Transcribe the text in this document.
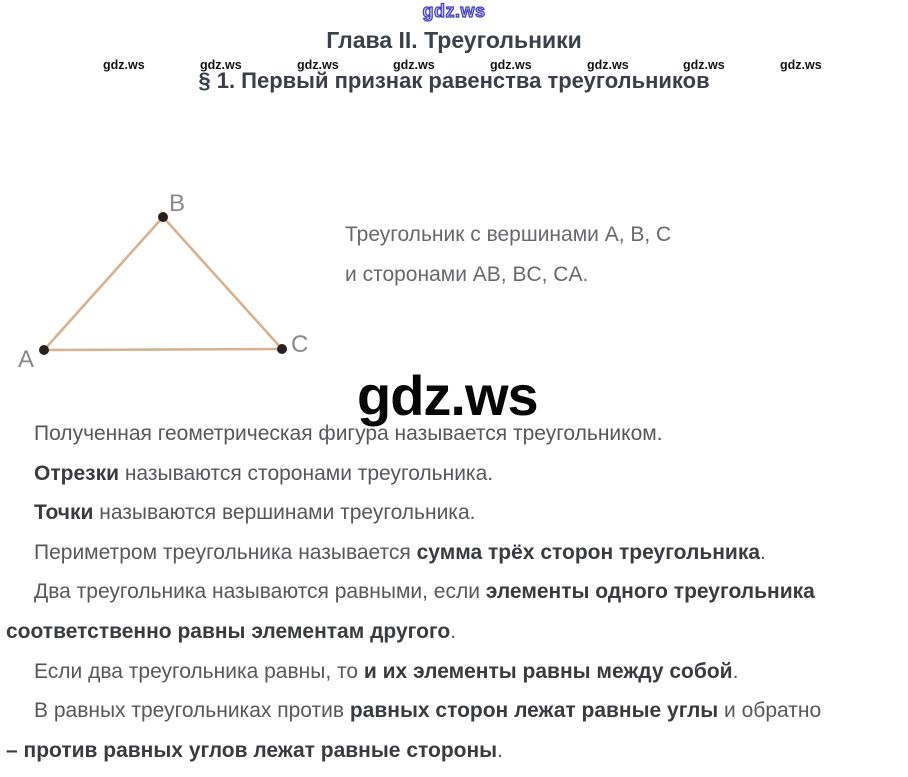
gdz.ws
Глава II. Треугольники
gdz.ws	gdz.ws	gdz.ws	gdz.ws	gdz.ws	gdz.ws	gdz.ws	gdz.ws
§ 1. Первый признак равенства треугольников
A
B
C
Треугольник с вершинами A, B, C
и сторонами AB, BC, CA.
gdz.ws
Полученная геометрическая фигура называется треугольником.
Отрезки называются сторонами треугольника.
Точки называются вершинами треугольника.
Периметром треугольника называется сумма трёх сторон треугольника.
Два треугольника называются равными, если элементы одного треугольника
соответственно равны элементам другого.
Если два треугольника равны, то и их элементы равны между собой.
В равных треугольниках против равных сторон лежат равные углы и обратно
– против равных углов лежат равные стороны.
